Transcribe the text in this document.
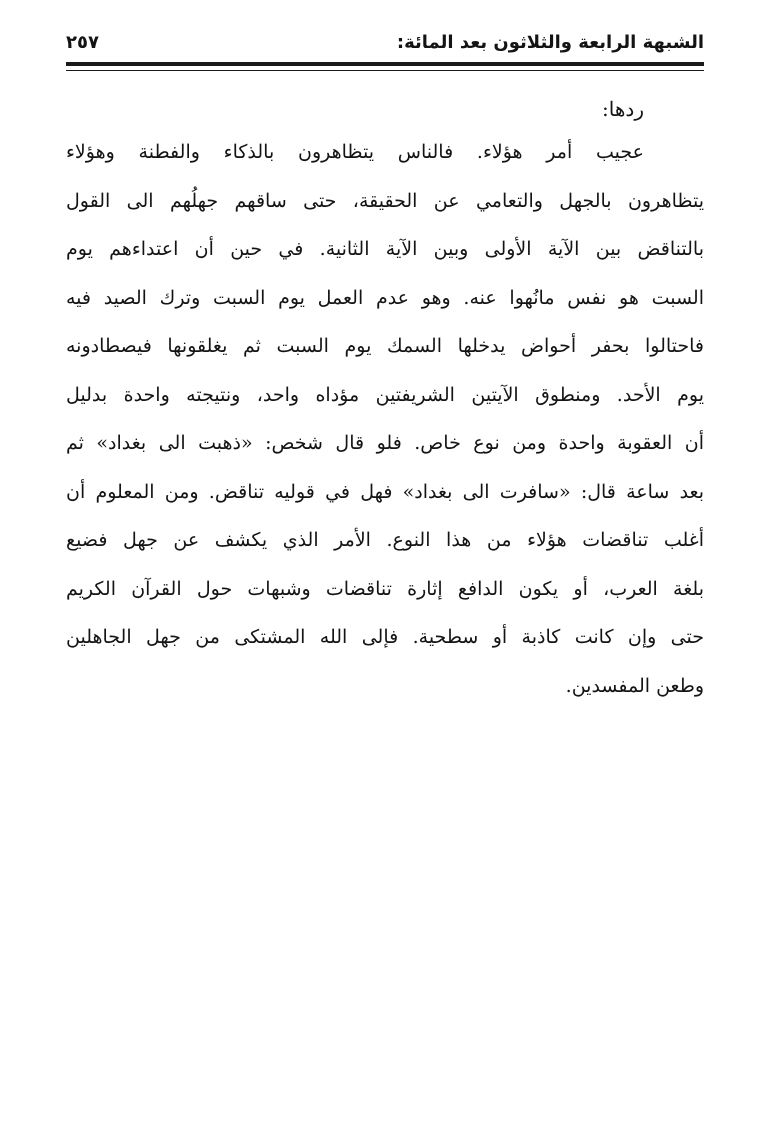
الشبهة الرابعة والثلاثون بعد المائة:
٢٥٧
ردها:
عجيب أمر هؤلاء. فالناس يتظاهرون بالذكاء والفطنة وهؤلاء
يتظاهرون بالجهل والتعامي عن الحقيقة، حتى ساقهم جهلُهم الى القول
بالتناقض بين الآية الأولى وبين الآية الثانية. في حين أن اعتداءهم يوم
السبت هو نفس مانُهوا عنه. وهو عدم العمل يوم السبت وترك الصيد فيه
فاحتالوا بحفر أحواض يدخلها السمك يوم السبت ثم يغلقونها فيصطادونه
يوم الأحد. ومنطوق الآيتين الشريفتين مؤداه واحد، ونتيجته واحدة بدليل
أن العقوبة واحدة ومن نوع خاص. فلو قال شخص: «ذهبت الى بغداد» ثم
بعد ساعة قال: «سافرت الى بغداد» فهل في قوليه تناقض. ومن المعلوم أن
أغلب تناقضات هؤلاء من هذا النوع. الأمر الذي يكشف عن جهل فضيع
بلغة العرب، أو يكون الدافع إثارة تناقضات وشبهات حول القرآن الكريم
حتى وإن كانت كاذبة أو سطحية. فإلى الله المشتكى من جهل الجاهلين
وطعن المفسدين.
